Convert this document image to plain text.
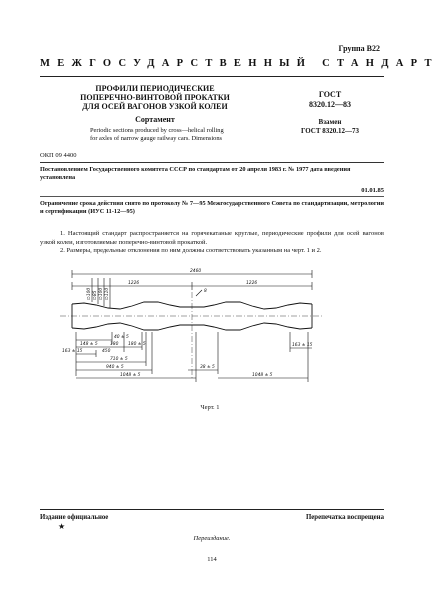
Группа В22
МЕЖГОСУДАРСТВЕННЫЙ СТАНДАРТ
ПРОФИЛИ ПЕРИОДИЧЕСКИЕ
ПОПЕРЕЧНО-ВИНТОВОЙ ПРОКАТКИ
ДЛЯ ОСЕЙ ВАГОНОВ УЗКОЙ КОЛЕИ
Сортамент
Periodic sections produced by cross—helical rolling
for axles of narrow gauge railway cars. Dimensions
ГОСТ
8320.12—83
Взамен
ГОСТ 8320.12—73
ОКП 09 4400
Постановлением Государственного комитета СССР по стандартам от 20 апреля 1983 г. № 1977 дата введения установлена
01.01.85
Ограничение срока действия снято по протоколу № 7—95 Межгосударственного Совета по стандартизации, метрологии и сертификации (ИУС 11-12—95)
1. Настоящий стандарт распространяется на горячекатаные круглые, периодические профили для осей вагонов узкой колеи, изготовляемые поперечно-винтовой прокаткой.
2. Размеры, предельные отклонения по ним должны соответствовать указанным на черт. 1 и 2.
2460
1226	1226
8
∅100 ∅85 ∅100 ∅110
40 ± 5
148 ± 5	180 180 ± 5
163 ± 15	450
710 ± 5
940 ± 5
1048 ± 5
38 ± 5
1048 ± 5
163 ± 15
Черт. 1
Издание официальное	Перепечатка воспрещена
★
Переиздание.
114
